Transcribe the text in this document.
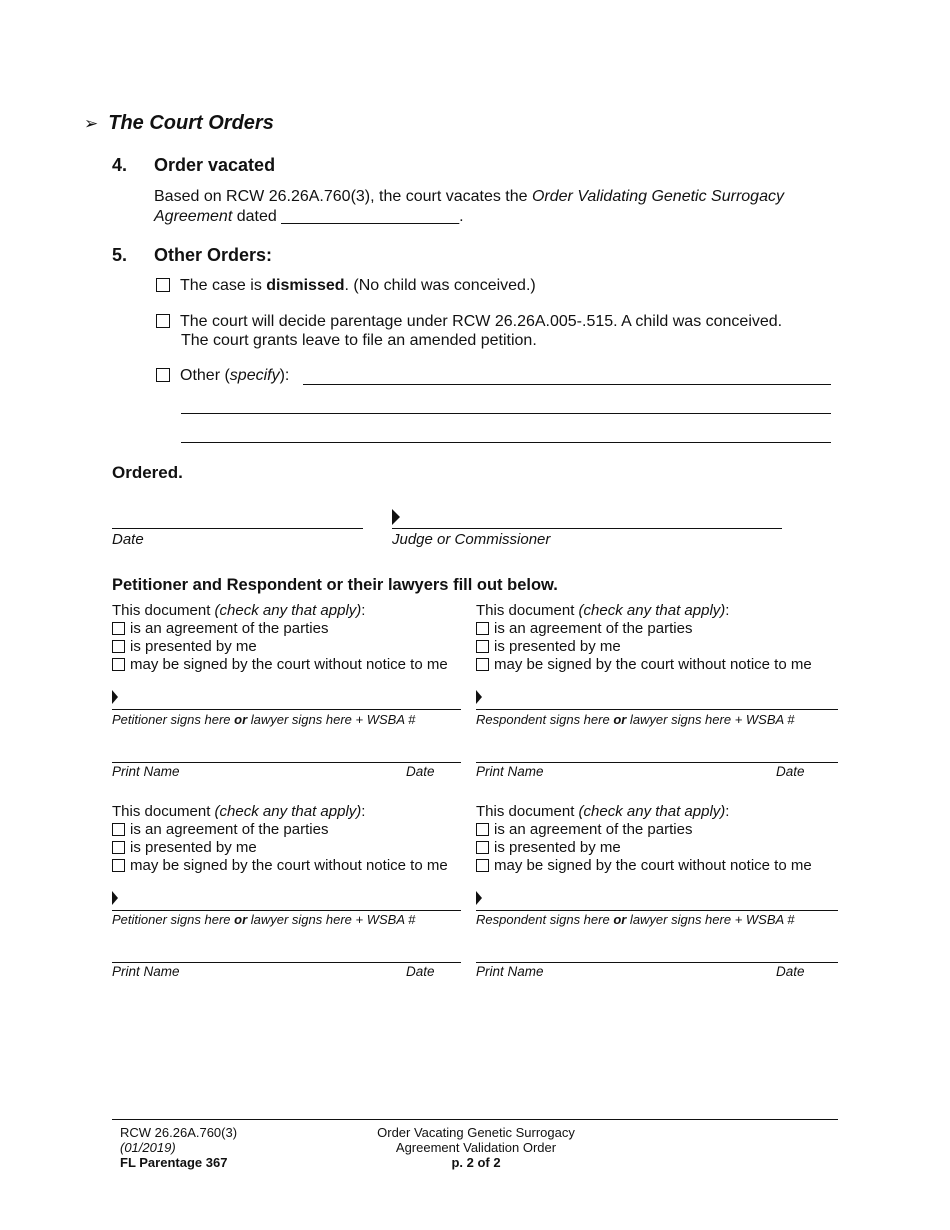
➢ The Court Orders
4. Order vacated
Based on RCW 26.26A.760(3), the court vacates the Order Validating Genetic Surrogacy
Agreement dated ____________________.
5. Other Orders:
The case is dismissed. (No child was conceived.)
The court will decide parentage under RCW 26.26A.005-.515. A child was conceived.
The court grants leave to file an amended petition.
Other (specify):
Ordered.
Date	Judge or Commissioner
Petitioner and Respondent or their lawyers fill out below.
This document (check any that apply):
is an agreement of the parties
is presented by me
may be signed by the court without notice to me
This document (check any that apply):
is an agreement of the parties
is presented by me
may be signed by the court without notice to me
Petitioner signs here or lawyer signs here + WSBA #	Respondent signs here or lawyer signs here + WSBA #
Print Name	Date	Print Name	Date
This document (check any that apply):
is an agreement of the parties
is presented by me
may be signed by the court without notice to me
This document (check any that apply):
is an agreement of the parties
is presented by me
may be signed by the court without notice to me
Petitioner signs here or lawyer signs here + WSBA #	Respondent signs here or lawyer signs here + WSBA #
Print Name	Date	Print Name	Date
RCW 26.26A.760(3)
(01/2019)
FL Parentage 367
Order Vacating Genetic Surrogacy
Agreement Validation Order
p. 2 of 2
